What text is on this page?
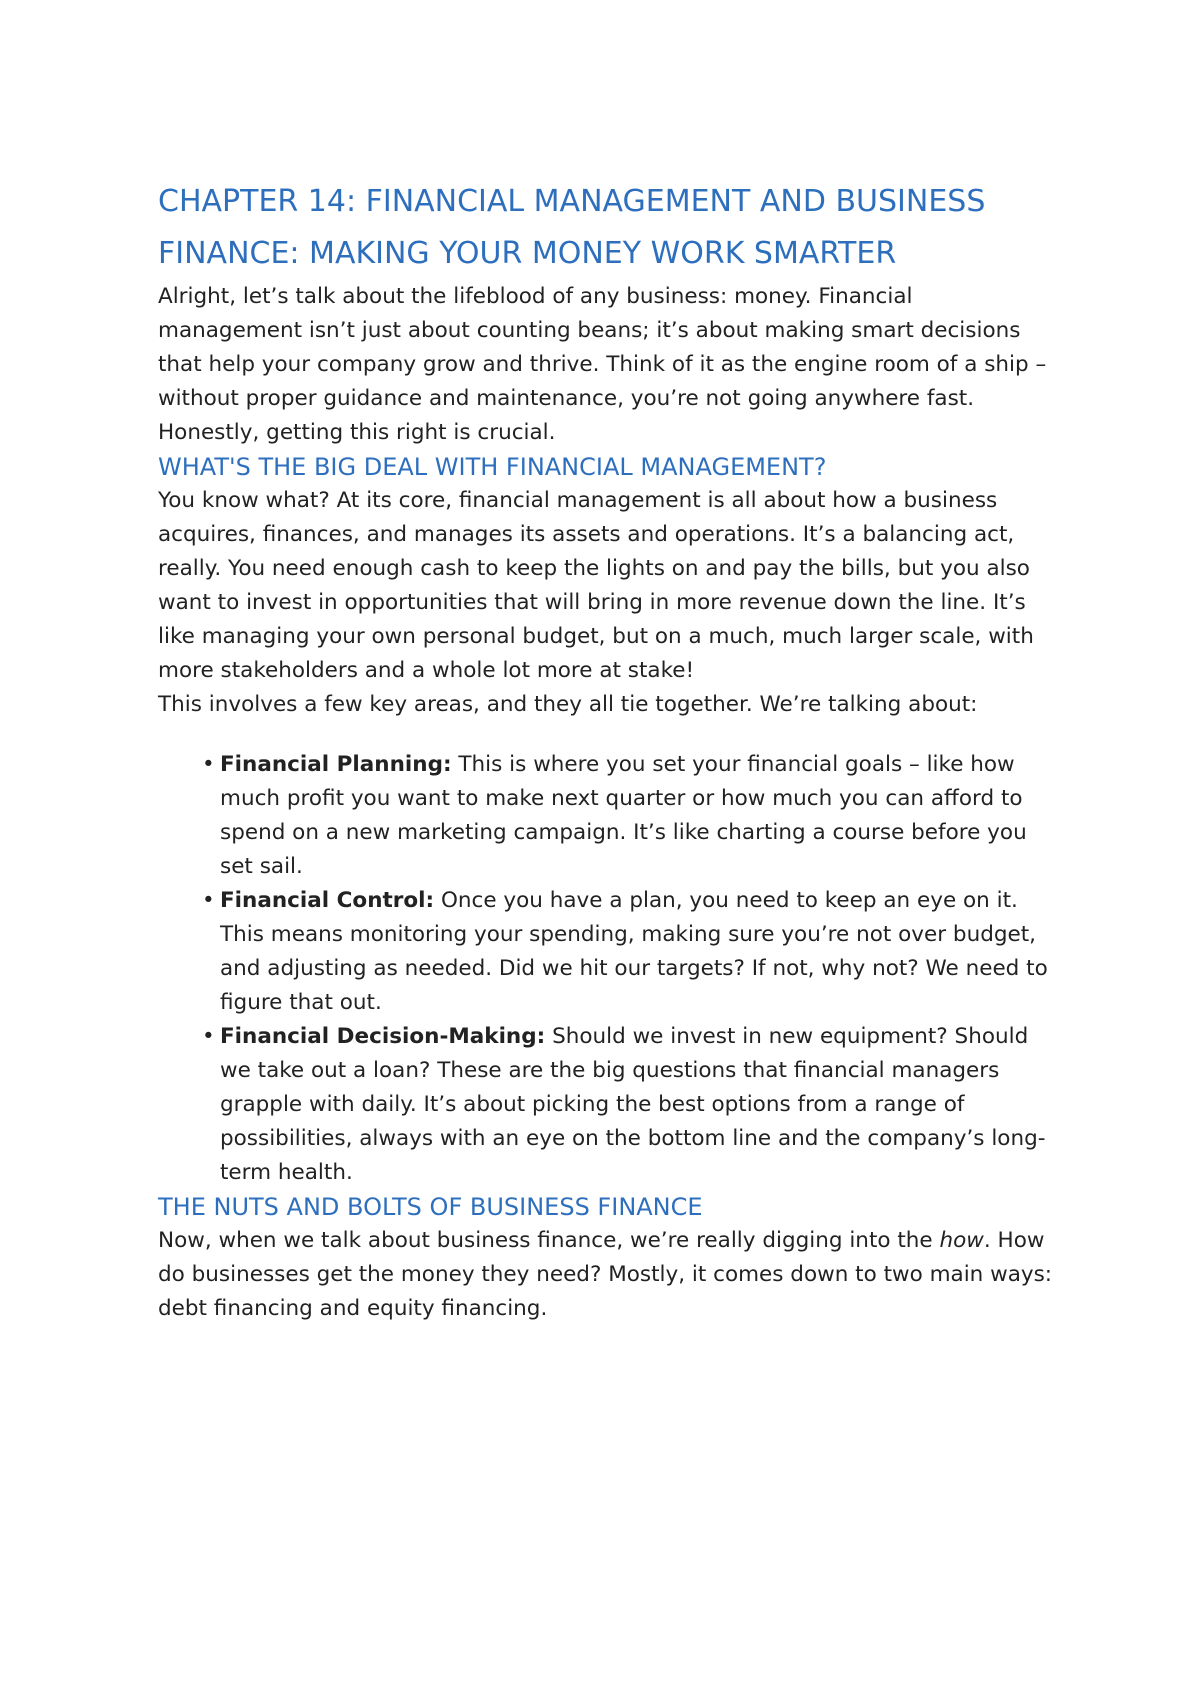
CHAPTER 14: FINANCIAL MANAGEMENT AND BUSINESS FINANCE: MAKING YOUR MONEY WORK SMARTER

Alright, let’s talk about the lifeblood of any business: money. Financial management isn’t just about counting beans; it’s about making smart decisions that help your company grow and thrive. Think of it as the engine room of a ship – without proper guidance and maintenance, you’re not going anywhere fast. Honestly, getting this right is crucial.

WHAT'S THE BIG DEAL WITH FINANCIAL MANAGEMENT?

You know what? At its core, financial management is all about how a business acquires, finances, and manages its assets and operations. It’s a balancing act, really. You need enough cash to keep the lights on and pay the bills, but you also want to invest in opportunities that will bring in more revenue down the line. It’s like managing your own personal budget, but on a much, much larger scale, with more stakeholders and a whole lot more at stake!

This involves a few key areas, and they all tie together. We’re talking about:

• Financial Planning: This is where you set your financial goals – like how much profit you want to make next quarter or how much you can afford to spend on a new marketing campaign. It’s like charting a course before you set sail.
• Financial Control: Once you have a plan, you need to keep an eye on it. This means monitoring your spending, making sure you’re not over budget, and adjusting as needed. Did we hit our targets? If not, why not? We need to figure that out.
• Financial Decision-Making: Should we invest in new equipment? Should we take out a loan? These are the big questions that financial managers grapple with daily. It’s about picking the best options from a range of possibilities, always with an eye on the bottom line and the company’s long-term health.
THE NUTS AND BOLTS OF BUSINESS FINANCE

Now, when we talk about business finance, we’re really digging into the how. How do businesses get the money they need? Mostly, it comes down to two main ways: debt financing and equity financing.
